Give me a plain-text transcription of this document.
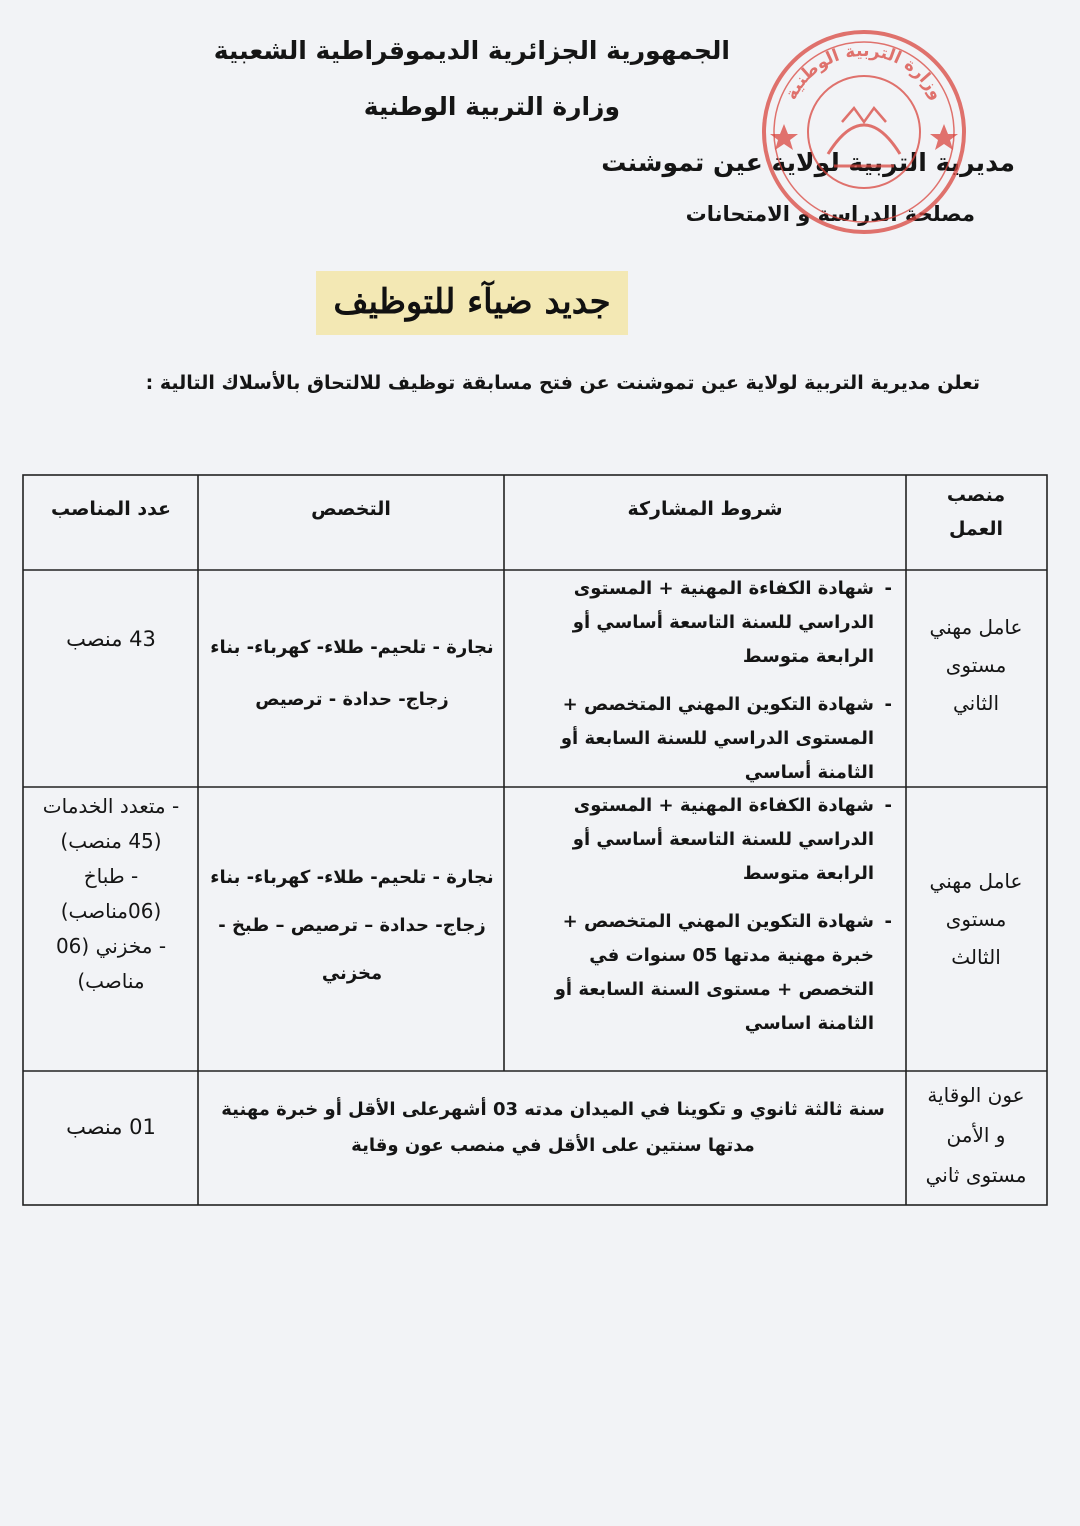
الجمهورية الجزائرية الديموقراطية الشعبية
وزارة التربية الوطنية
مديرية التربية لولاية عين تموشنت
مصلحة الدراسة و الامتحانات
وزارة التربية الوطنية
جديد ضيآء للتوظيف
تعلن مديرية التربية لولاية عين تموشنت عن فتح مسابقة توظيف للالتحاق بالأسلاك التالية :
منصب
العمل
شروط المشاركة
التخصص
عدد المناصب
عامل مهني
مستوى
الثاني
- شهادة الكفاءة المهنية + المستوى الدراسي للسنة التاسعة أساسي أو الرابعة متوسط
- شهادة التكوين المهني المتخصص + المستوى الدراسي للسنة السابعة أو الثامنة أساسي
نجارة - تلحيم- طلاء- كهرباء- بناء
زجاج- حدادة - ترصيص
43 منصب
عامل مهني
مستوى
الثالث
- شهادة الكفاءة المهنية + المستوى الدراسي للسنة التاسعة أساسي أو الرابعة متوسط
- شهادة التكوين المهني المتخصص + خبرة مهنية مدتها 05 سنوات في التخصص + مستوى السنة السابعة أو الثامنة اساسي
نجارة - تلحيم- طلاء- كهرباء- بناء
زجاج- حدادة – ترصيص – طبخ - مخزني
- متعدد الخدمات
(45 منصب)
- طباخ
(06مناصب)
- مخزني (06
مناصب)
عون الوقاية
و الأمن
مستوى ثاني
سنة ثالثة ثانوي و تكوينا في الميدان مدته 03 أشهرعلى الأقل أو خبرة مهنية مدتها سنتين على الأقل في منصب عون وقاية
01 منصب
